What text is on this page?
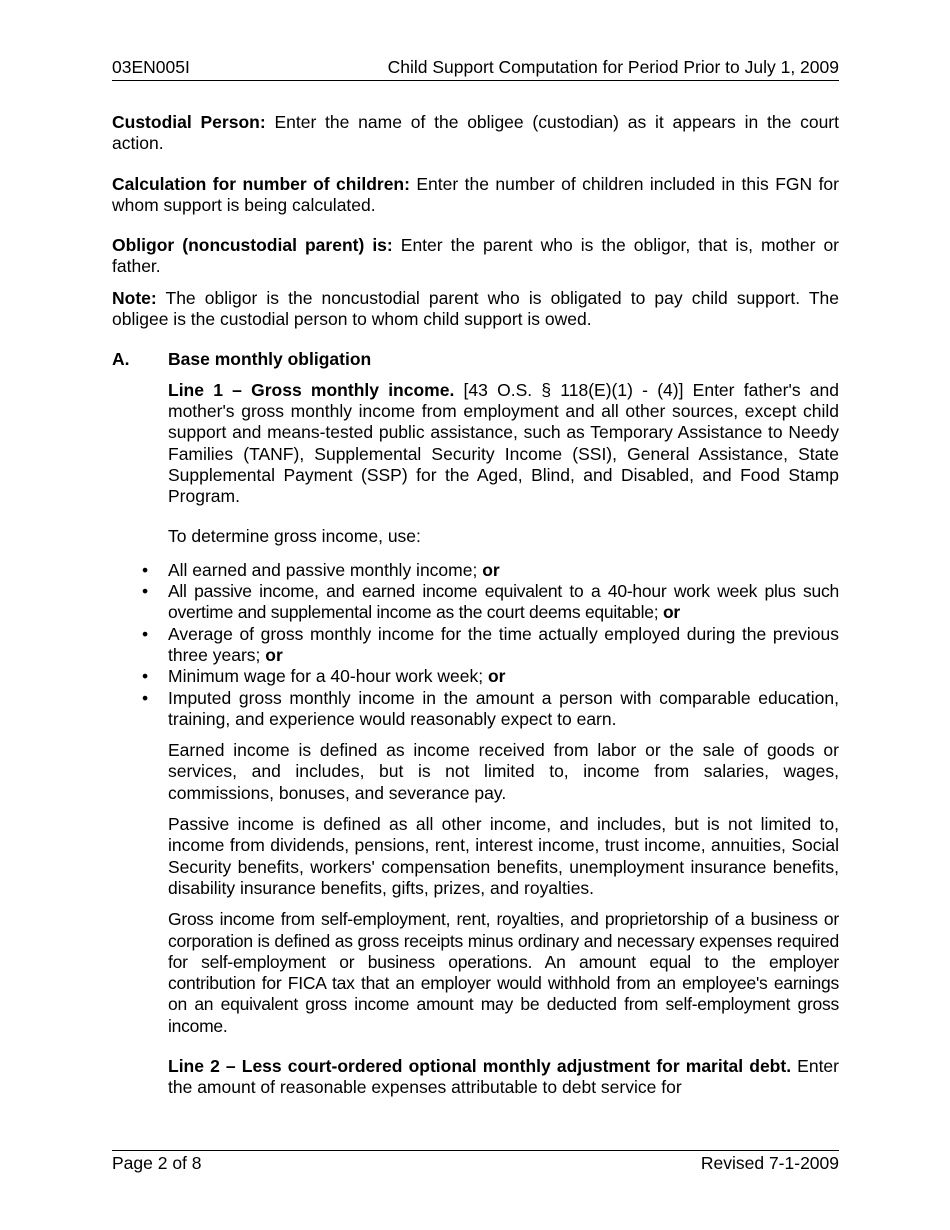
03EN005I	Child Support Computation for Period Prior to July 1, 2009

Custodial Person: Enter the name of the obligee (custodian) as it appears in the court action.

Calculation for number of children: Enter the number of children included in this FGN for whom support is being calculated.

Obligor (noncustodial parent) is: Enter the parent who is the obligor, that is, mother or father.

Note: The obligor is the noncustodial parent who is obligated to pay child support. The obligee is the custodial person to whom child support is owed.

A.	Base monthly obligation

Line 1 – Gross monthly income. [43 O.S. § 118(E)(1) - (4)] Enter father's and mother's gross monthly income from employment and all other sources, except child support and means-tested public assistance, such as Temporary Assistance to Needy Families (TANF), Supplemental Security Income (SSI), General Assistance, State Supplemental Payment (SSP) for the Aged, Blind, and Disabled, and Food Stamp Program.

To determine gross income, use:

• All earned and passive monthly income; or
• All passive income, and earned income equivalent to a 40-hour work week plus such overtime and supplemental income as the court deems equitable; or
• Average of gross monthly income for the time actually employed during the previous three years; or
• Minimum wage for a 40-hour work week; or
• Imputed gross monthly income in the amount a person with comparable education, training, and experience would reasonably expect to earn.

Earned income is defined as income received from labor or the sale of goods or services, and includes, but is not limited to, income from salaries, wages, commissions, bonuses, and severance pay.

Passive income is defined as all other income, and includes, but is not limited to, income from dividends, pensions, rent, interest income, trust income, annuities, Social Security benefits, workers' compensation benefits, unemployment insurance benefits, disability insurance benefits, gifts, prizes, and royalties.

Gross income from self-employment, rent, royalties, and proprietorship of a business or corporation is defined as gross receipts minus ordinary and necessary expenses required for self-employment or business operations. An amount equal to the employer contribution for FICA tax that an employer would withhold from an employee's earnings on an equivalent gross income amount may be deducted from self-employment gross income.

Line 2 – Less court-ordered optional monthly adjustment for marital debt. Enter the amount of reasonable expenses attributable to debt service for

Page 2 of 8	Revised 7-1-2009
